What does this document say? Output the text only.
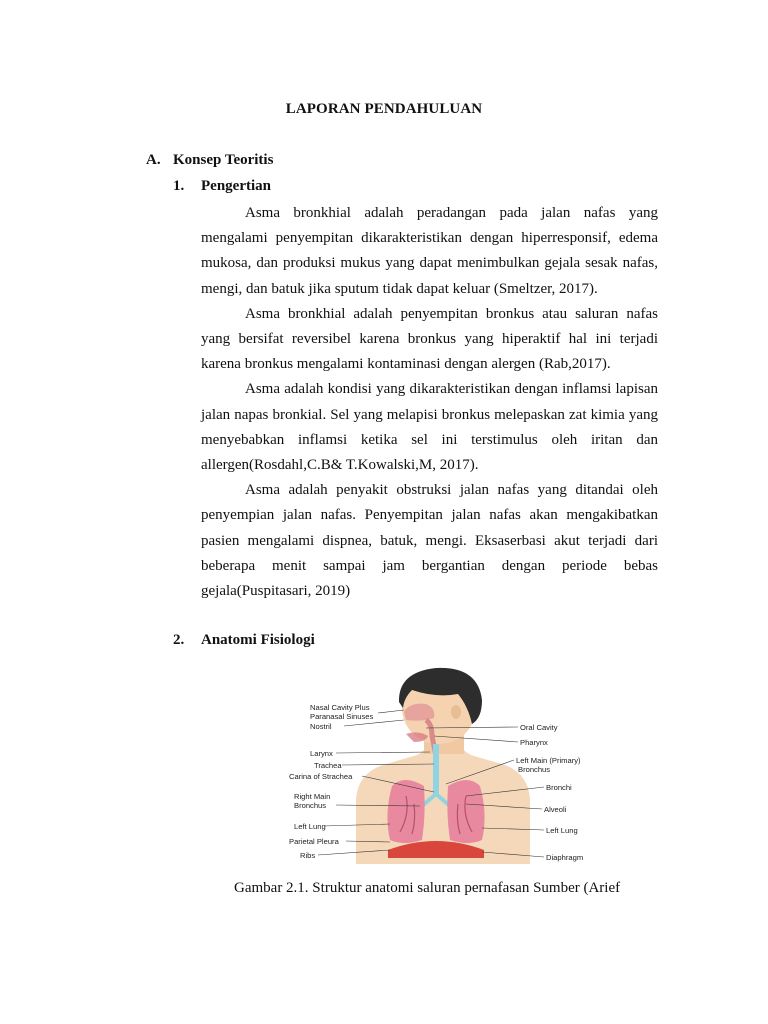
LAPORAN PENDAHULUAN
A. Konsep Teoritis
1. Pengertian

Asma bronkhial adalah peradangan pada jalan nafas yang mengalami penyempitan dikarakteristikan dengan hiperresponsif, edema mukosa, dan produksi mukus yang dapat menimbulkan gejala sesak nafas, mengi, dan batuk jika sputum tidak dapat keluar (Smeltzer, 2017).

Asma bronkhial adalah penyempitan bronkus atau saluran nafas yang bersifat reversibel karena bronkus yang hiperaktif hal ini terjadi karena bronkus mengalami kontaminasi dengan alergen (Rab,2017).

Asma adalah kondisi yang dikarakteristikan dengan inflamsi lapisan jalan napas bronkial. Sel yang melapisi bronkus melepaskan zat kimia yang menyebabkan inflamsi ketika sel ini terstimulus oleh iritan dan allergen(Rosdahl,C.B& T.Kowalski,M, 2017).

Asma adalah penyakit obstruksi jalan nafas yang ditandai oleh penyempian jalan nafas. Penyempitan jalan nafas akan mengakibatkan pasien mengalami dispnea, batuk, mengi. Eksaserbasi akut terjadi dari beberapa menit sampai jam bergantian dengan periode bebas gejala(Puspitasari, 2019)

2. Anatomi Fisiologi
Nasal Cavity Plus
Paranasal Sinuses
Nostril
Larynx
Trachea
Carina of Strachea
Right Main
Bronchus
Left Lung
Parietal Pleura
Ribs
Oral Cavity
Pharynx
Left Main (Primary)
Bronchus
Bronchi
Alveoli
Left Lung
Diaphragm
Gambar 2.1. Struktur anatomi saluran pernafasan Sumber (Arief
